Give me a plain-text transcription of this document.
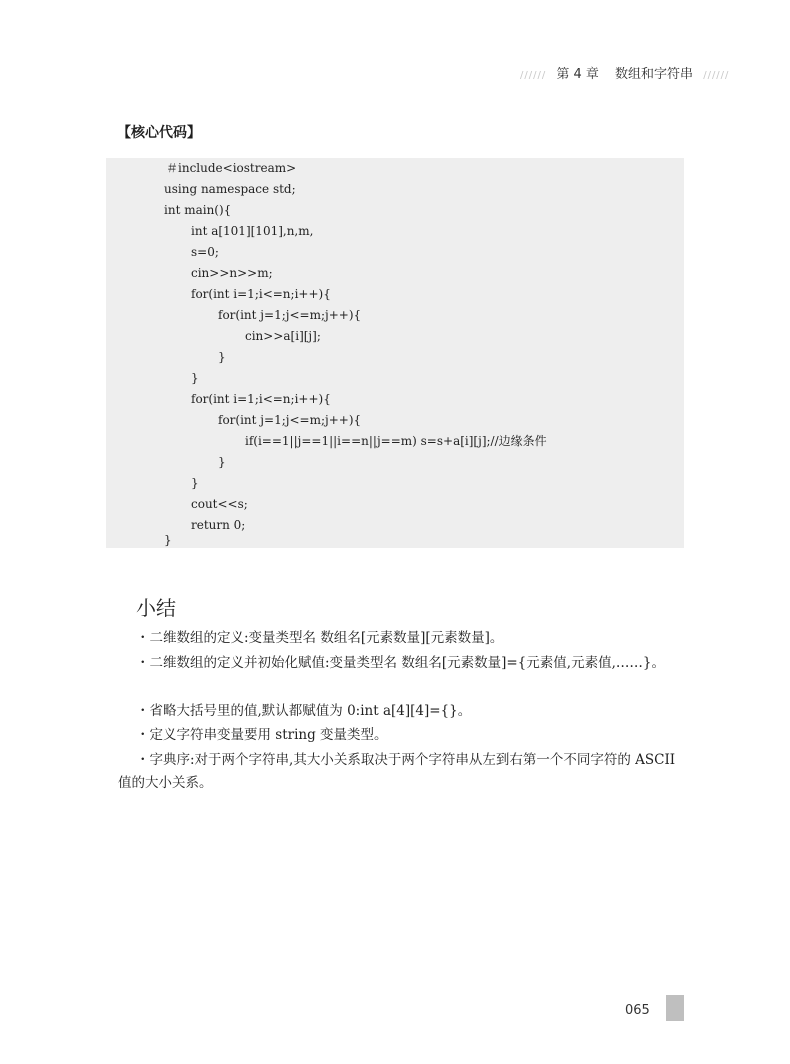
////// 第 4 章 数组和字符串 //////
【核心代码】
＃include<iostream>
using namespace std;
int main(){
int a[101][101],n,m,
s=0;
cin>>n>>m;
for(int i=1;i<=n;i++){
for(int j=1;j<=m;j++){
cin>>a[i][j];
}
}
for(int i=1;i<=n;i++){
for(int j=1;j<=m;j++){
if(i==1||j==1||i==n||j==m) s=s+a[i][j];//边缘条件
}
}
cout<<s;
return 0;
}
小结
・二维数组的定义:变量类型名 数组名[元素数量][元素数量]。
・二维数组的定义并初始化赋值:变量类型名 数组名[元素数量]={元素值,元素值,……}。
・省略大括号里的值,默认都赋值为 0:int a[4][4]={}。
・定义字符串变量要用 string 变量类型。
・字典序:对于两个字符串,其大小关系取决于两个字符串从左到右第一个不同字符的 ASCII 值的大小关系。
065
